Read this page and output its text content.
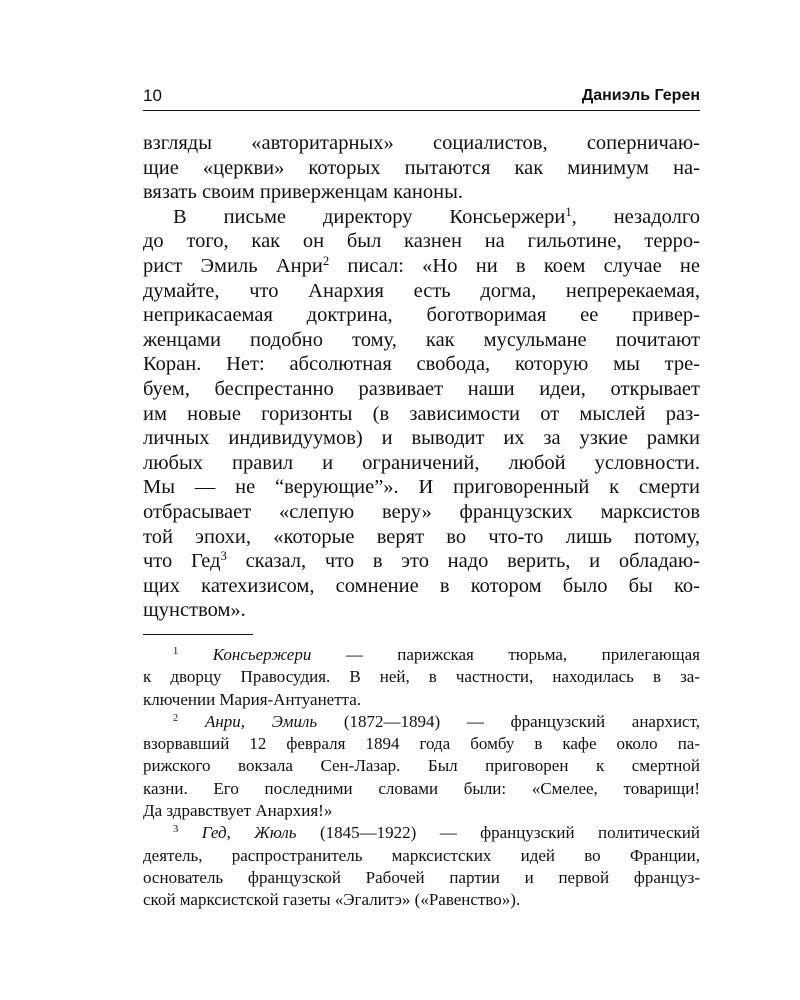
10	Даниэль Герен
взгляды «авторитарных» социалистов, соперничаю-
щие «церкви» которых пытаются как минимум на-
вязать своим приверженцам каноны.
В письме директору Консьержери$^1$, незадолго
до того, как он был казнен на гильотине, терро-
рист Эмиль Анри$^2$ писал: «Но ни в коем случае не
думайте, что Анархия есть догма, непререкаемая,
неприкасаемая доктрина, боготворимая ее привер-
женцами подобно тому, как мусульмане почитают
Коран. Нет: абсолютная свобода, которую мы тре-
буем, беспрестанно развивает наши идеи, открывает
им новые горизонты (в зависимости от мыслей раз-
личных индивидуумов) и выводит их за узкие рамки
любых правил и ограничений, любой условности.
Мы — не “верующие”». И приговоренный к смерти
отбрасывает «слепую веру» французских марксистов
той эпохи, «которые верят во что-то лишь потому,
что Гед$^3$ сказал, что в это надо верить, и обладаю-
щих катехизисом, сомнение в котором было бы ко-
щунством».
$^1$ Консьержери — парижская тюрьма, прилегающая
к дворцу Правосудия. В ней, в частности, находилась в за-
ключении Мария-Антуанетта.
$^2$ Анри, Эмиль (1872—1894) — французский анархист,
взорвавший 12 февраля 1894 года бомбу в кафе около па-
рижского вокзала Сен-Лазар. Был приговорен к смертной
казни. Его последними словами были: «Смелее, товарищи!
Да здравствует Анархия!»
$^3$ Гед, Жюль (1845—1922) — французский политический
деятель, распространитель марксистских идей во Франции,
основатель французской Рабочей партии и первой француз-
ской марксистской газеты «Эгалитэ» («Равенство»).
